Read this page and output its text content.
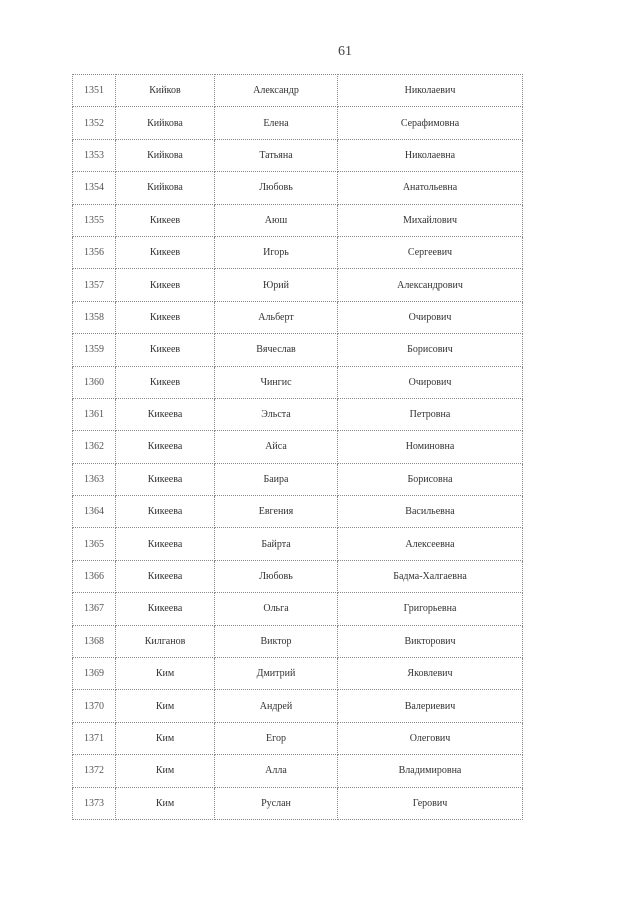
61
1351	Кийков	Александр	Николаевич
1352	Кийкова	Елена	Серафимовна
1353	Кийкова	Татьяна	Николаевна
1354	Кийкова	Любовь	Анатольевна
1355	Кикеев	Аюш	Михайлович
1356	Кикеев	Игорь	Сергеевич
1357	Кикеев	Юрий	Александрович
1358	Кикеев	Альберт	Очирович
1359	Кикеев	Вячеслав	Борисович
1360	Кикеев	Чингис	Очирович
1361	Кикеева	Эльста	Петровна
1362	Кикеева	Айса	Номиновна
1363	Кикеева	Баира	Борисовна
1364	Кикеева	Евгения	Васильевна
1365	Кикеева	Байрта	Алексеевна
1366	Кикеева	Любовь	Бадма-Халгаевна
1367	Кикеева	Ольга	Григорьевна
1368	Килганов	Виктор	Викторович
1369	Ким	Дмитрий	Яковлевич
1370	Ким	Андрей	Валериевич
1371	Ким	Егор	Олегович
1372	Ким	Алла	Владимировна
1373	Ким	Руслан	Герович
